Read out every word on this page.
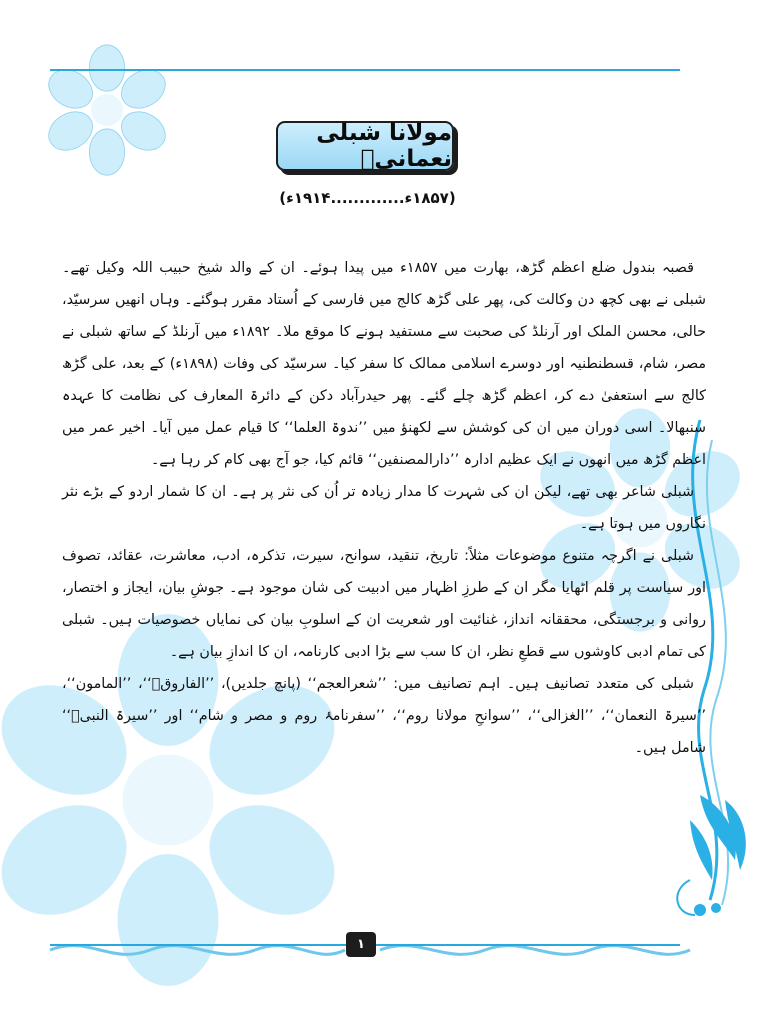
مولانا شبلی نعمانیؒ
(۱۸۵۷ء.............۱۹۱۴ء)

قصبہ بندول ضلع اعظم گڑھ، بھارت میں ۱۸۵۷ء میں پیدا ہوئے۔ ان کے والد شیخ حبیب اللہ وکیل تھے۔ شبلی نے بھی کچھ دن وکالت کی، پھر علی گڑھ کالج میں فارسی کے اُستاد مقرر ہوگئے۔ وہاں انھیں سرسیّد، حالی، محسن الملک اور آرنلڈ کی صحبت سے مستفید ہونے کا موقع ملا۔ ۱۸۹۲ء میں آرنلڈ کے ساتھ شبلی نے مصر، شام، قسطنطنیہ اور دوسرے اسلامی ممالک کا سفر کیا۔ سرسیّد کی وفات (۱۸۹۸ء) کے بعد، علی گڑھ کالج سے استعفیٰ دے کر، اعظم گڑھ چلے گئے۔ پھر حیدرآباد دکن کے دائرۃ المعارف کی نظامت کا عہدہ سنبھالا۔ اسی دوران میں ان کی کوشش سے لکھنؤ میں ’’ندوۃ العلما‘‘ کا قیام عمل میں آیا۔ اخیر عمر میں اعظم گڑھ میں انھوں نے ایک عظیم ادارہ ’’دارالمصنفین‘‘ قائم کیا، جو آج بھی کام کر رہا ہے۔

شبلی شاعر بھی تھے، لیکن ان کی شہرت کا مدار زیادہ تر اُن کی نثر پر ہے۔ ان کا شمار اردو کے بڑے نثر نگاروں میں ہوتا ہے۔

شبلی نے اگرچہ متنوع موضوعات مثلاً: تاریخ، تنقید، سوانح، سیرت، تذکرہ، ادب، معاشرت، عقائد، تصوف اور سیاست پر قلم اٹھایا مگر ان کے طرزِ اظہار میں ادبیت کی شان موجود ہے۔ جوشِ بیان، ایجاز و اختصار، روانی و برجستگی، محققانہ انداز، غنائیت اور شعریت ان کے اسلوبِ بیان کی نمایاں خصوصیات ہیں۔ شبلی کی تمام ادبی کاوشوں سے قطعِ نظر، ان کا سب سے بڑا ادبی کارنامہ، ان کا اندازِ بیان ہے۔

شبلی کی متعدد تصانیف ہیں۔ اہم تصانیف میں: ’’شعرالعجم‘‘ (پانچ جلدیں)، ’’الفاروقؓ‘‘، ’’المامون‘‘، ’’سیرۃ النعمان‘‘، ’’الغزالی‘‘، ’’سوانحِ مولانا روم‘‘، ’’سفرنامۂ روم و مصر و شام‘‘ اور ’’سیرۃ النبیؐ‘‘ شامل ہیں۔

۱
